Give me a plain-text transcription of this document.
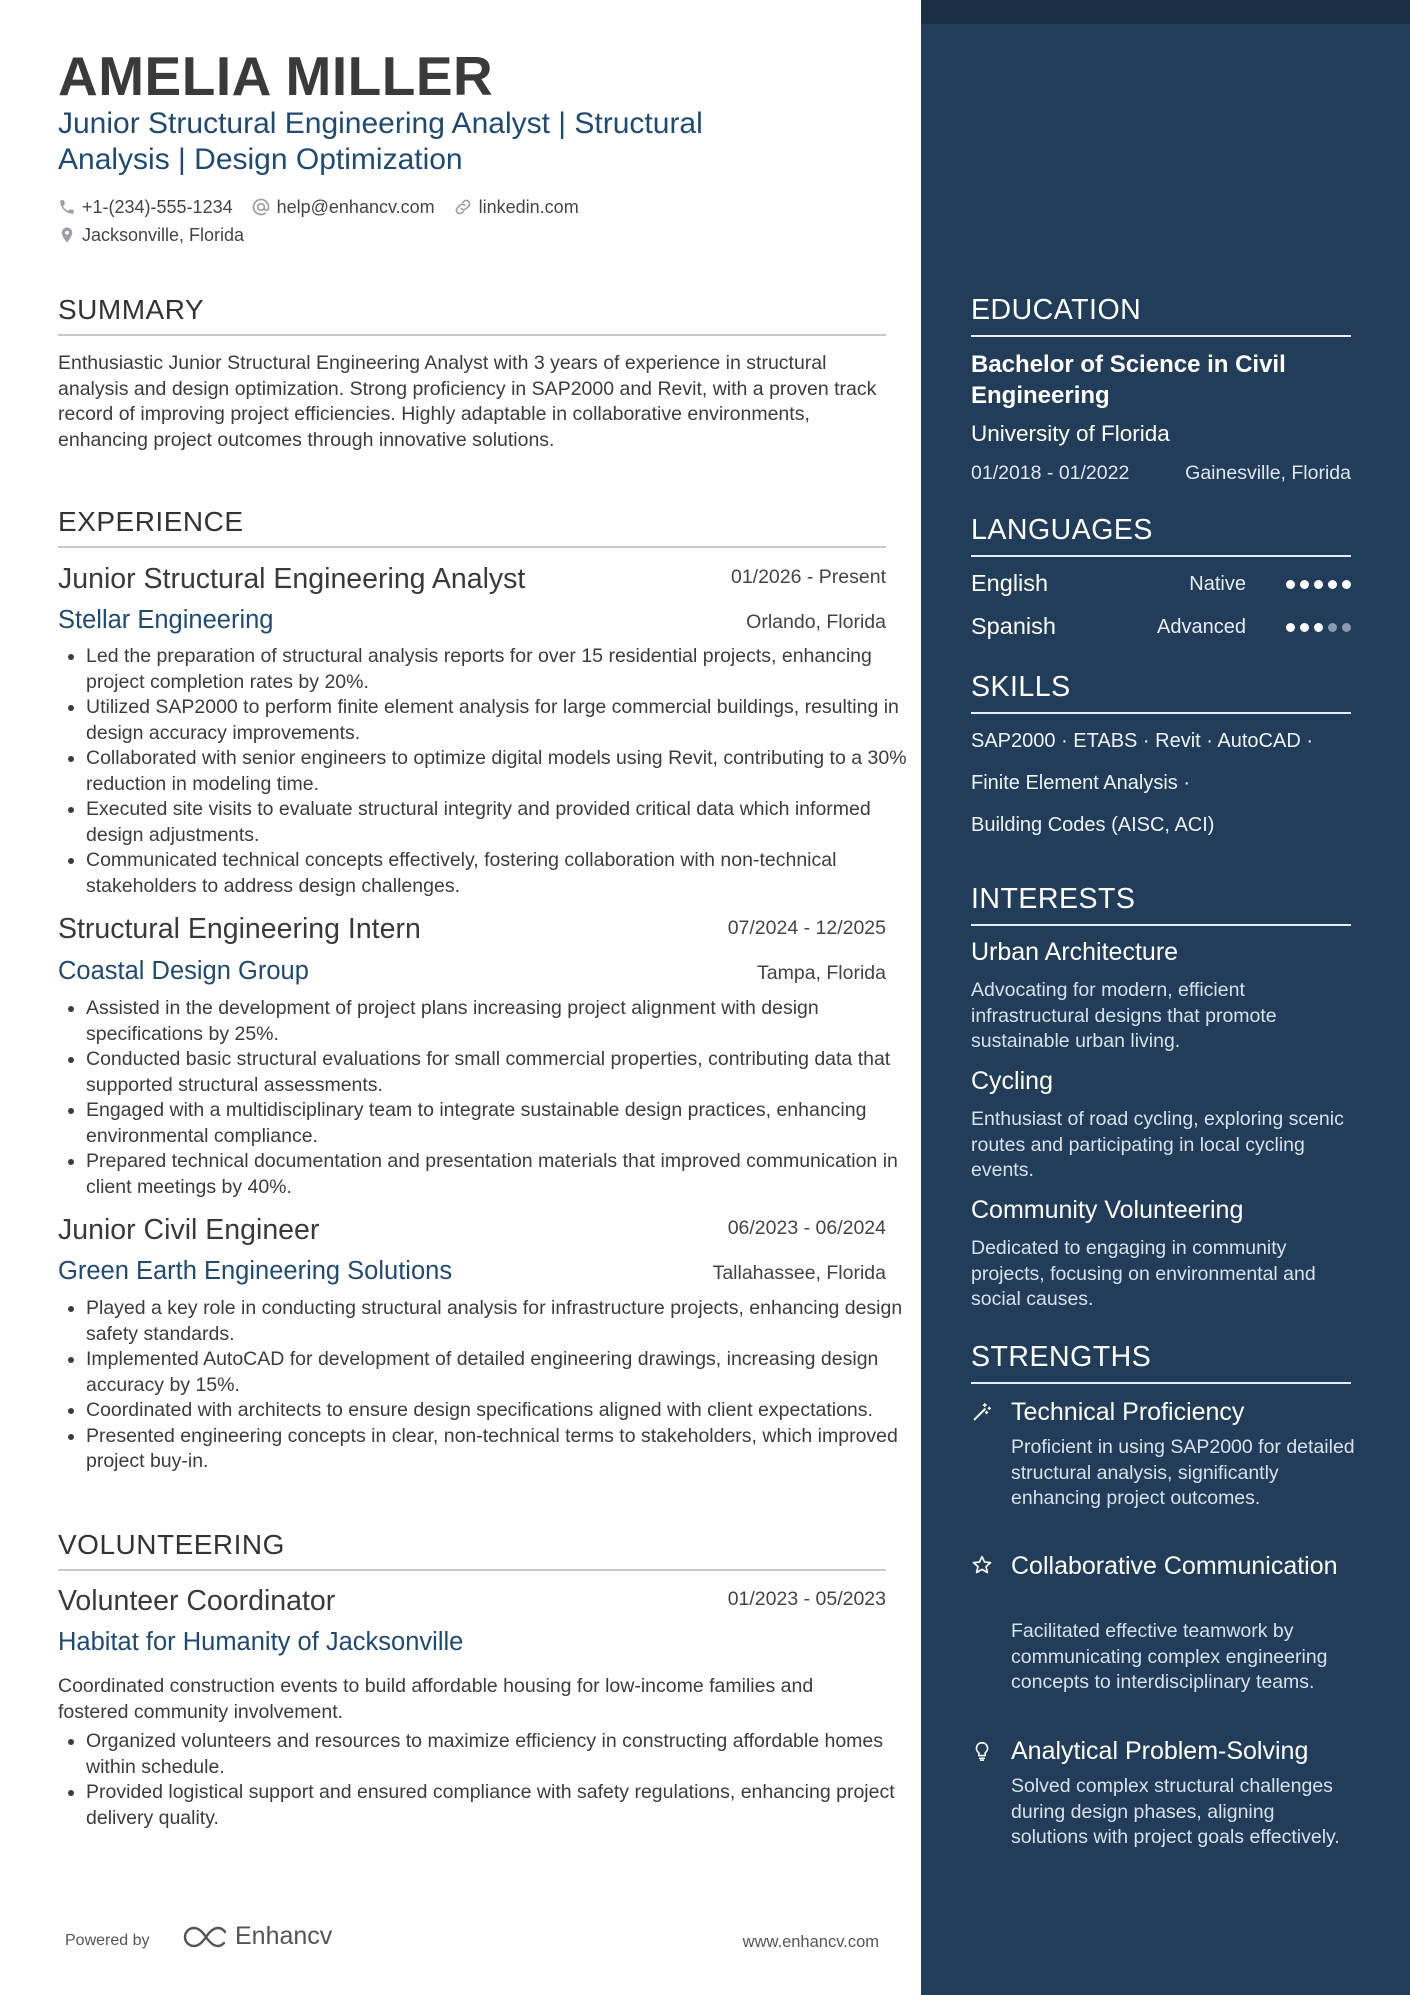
AMELIA MILLER

Junior Structural Engineering Analyst | Structural Analysis | Design Optimization

+1-(234)-555-1234 help@enhancv.com linkedin.com
Jacksonville, Florida
SUMMARY

Enthusiastic Junior Structural Engineering Analyst with 3 years of experience in structural analysis and design optimization. Strong proficiency in SAP2000 and Revit, with a proven track record of improving project efficiencies. Highly adaptable in collaborative environments, enhancing project outcomes through innovative solutions.

EXPERIENCE
Junior Structural Engineering Analyst	01/2026 - Present
Stellar Engineering	Orlando, Florida
• Led the preparation of structural analysis reports for over 15 residential projects, enhancing project completion rates by 20%.
• Utilized SAP2000 to perform finite element analysis for large commercial buildings, resulting in design accuracy improvements.
• Collaborated with senior engineers to optimize digital models using Revit, contributing to a 30% reduction in modeling time.
• Executed site visits to evaluate structural integrity and provided critical data which informed design adjustments.
• Communicated technical concepts effectively, fostering collaboration with non-technical stakeholders to address design challenges.
Structural Engineering Intern	07/2024 - 12/2025
Coastal Design Group	Tampa, Florida
• Assisted in the development of project plans increasing project alignment with design specifications by 25%.
• Conducted basic structural evaluations for small commercial properties, contributing data that supported structural assessments.
• Engaged with a multidisciplinary team to integrate sustainable design practices, enhancing environmental compliance.
• Prepared technical documentation and presentation materials that improved communication in client meetings by 40%.
Junior Civil Engineer	06/2023 - 06/2024
Green Earth Engineering Solutions	Tallahassee, Florida
• Played a key role in conducting structural analysis for infrastructure projects, enhancing design safety standards.
• Implemented AutoCAD for development of detailed engineering drawings, increasing design accuracy by 15%.
• Coordinated with architects to ensure design specifications aligned with client expectations.
• Presented engineering concepts in clear, non-technical terms to stakeholders, which improved project buy-in.
VOLUNTEERING
Volunteer Coordinator	01/2023 - 05/2023
Habitat for Humanity of Jacksonville

Coordinated construction events to build affordable housing for low-income families and fostered community involvement.

• Organized volunteers and resources to maximize efficiency in constructing affordable homes within schedule.
• Provided logistical support and ensured compliance with safety regulations, enhancing project delivery quality.
Powered by	Enhancv	www.enhancv.com
EDUCATION

Bachelor of Science in Civil Engineering

University of Florida
01/2018 - 01/2022	Gainesville, Florida
LANGUAGES
English	Native
Spanish	Advanced
SKILLS
SAP2000 · ETABS · Revit · AutoCAD ·
Finite Element Analysis ·
Building Codes (AISC, ACI)
INTERESTS
Urban Architecture

Advocating for modern, efficient infrastructural designs that promote sustainable urban living.

Cycling

Enthusiast of road cycling, exploring scenic routes and participating in local cycling events.

Community Volunteering

Dedicated to engaging in community projects, focusing on environmental and social causes.

STRENGTHS
Technical Proficiency

Proficient in using SAP2000 for detailed structural analysis, significantly enhancing project outcomes.

Collaborative Communication

Facilitated effective teamwork by communicating complex engineering concepts to interdisciplinary teams.

Analytical Problem-Solving

Solved complex structural challenges during design phases, aligning solutions with project goals effectively.
